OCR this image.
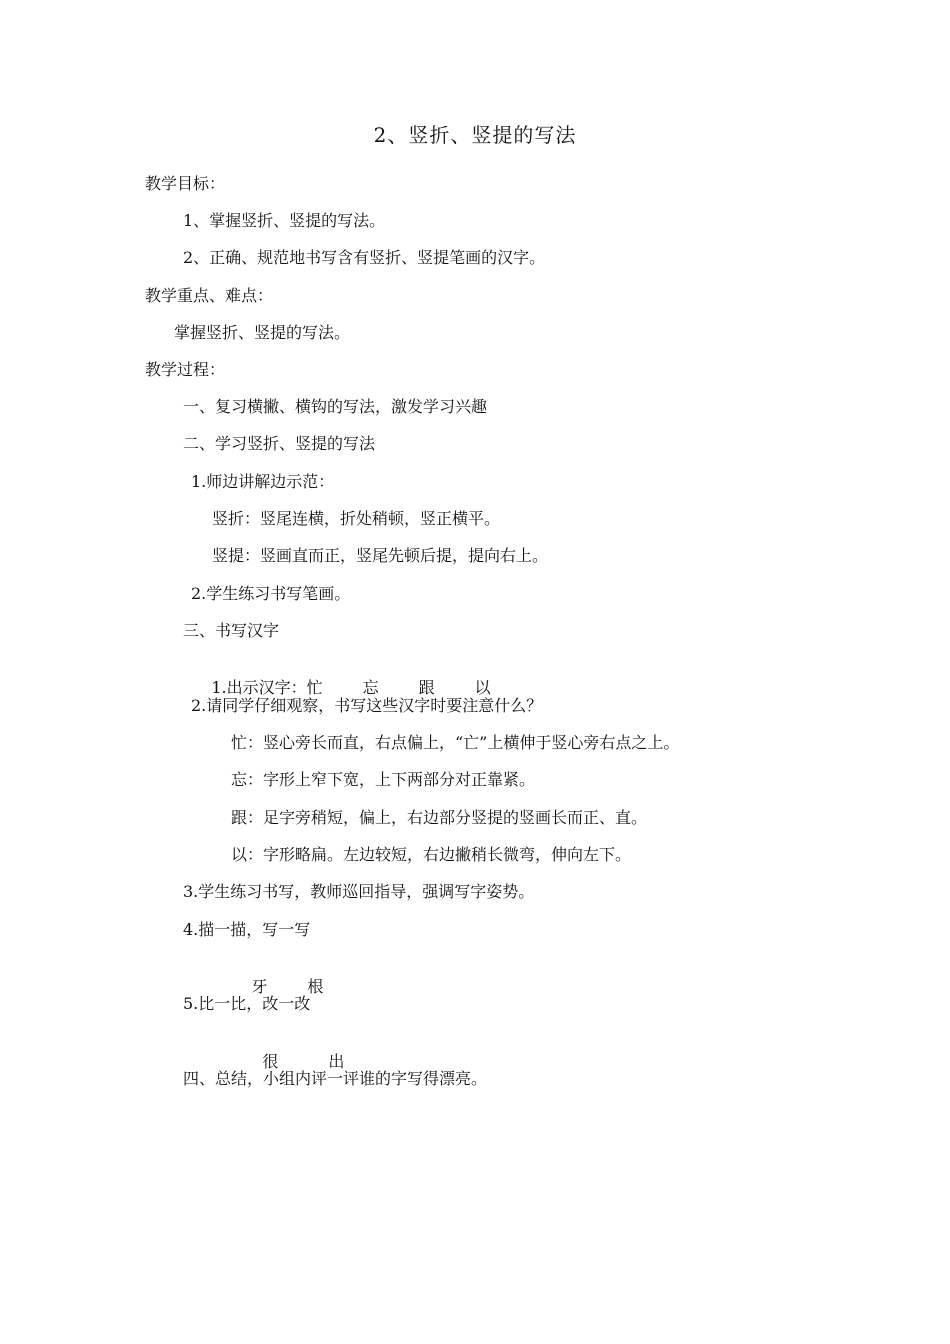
2、竖折、竖提的写法
教学目标：
1、掌握竖折、竖提的写法。
2、正确、规范地书写含有竖折、竖提笔画的汉字。
教学重点、难点：
掌握竖折、竖提的写法。
教学过程：
一、复习横撇、横钩的写法，激发学习兴趣
二、学习竖折、竖提的写法
1.师边讲解边示范：
竖折：竖尾连横，折处稍顿，竖正横平。
竖提：竖画直而正，竖尾先顿后提，提向右上。
2.学生练习书写笔画。
三、书写汉字

1.出示汉字：忙	忘	跟	以

2.请同学仔细观察，书写这些汉字时要注意什么？
忙：竖心旁长而直，右点偏上，“亡”上横伸于竖心旁右点之上。
忘：字形上窄下宽，上下两部分对正靠紧。
跟：足字旁稍短，偏上，右边部分竖提的竖画长而正、直。
以：字形略扁。左边较短，右边撇稍长微弯，伸向左下。
3.学生练习书写，教师巡回指导，强调写字姿势。
4.描一描，写一写

牙	根

5.比一比，改一改

很	出

四、总结，小组内评一评谁的字写得漂亮。
